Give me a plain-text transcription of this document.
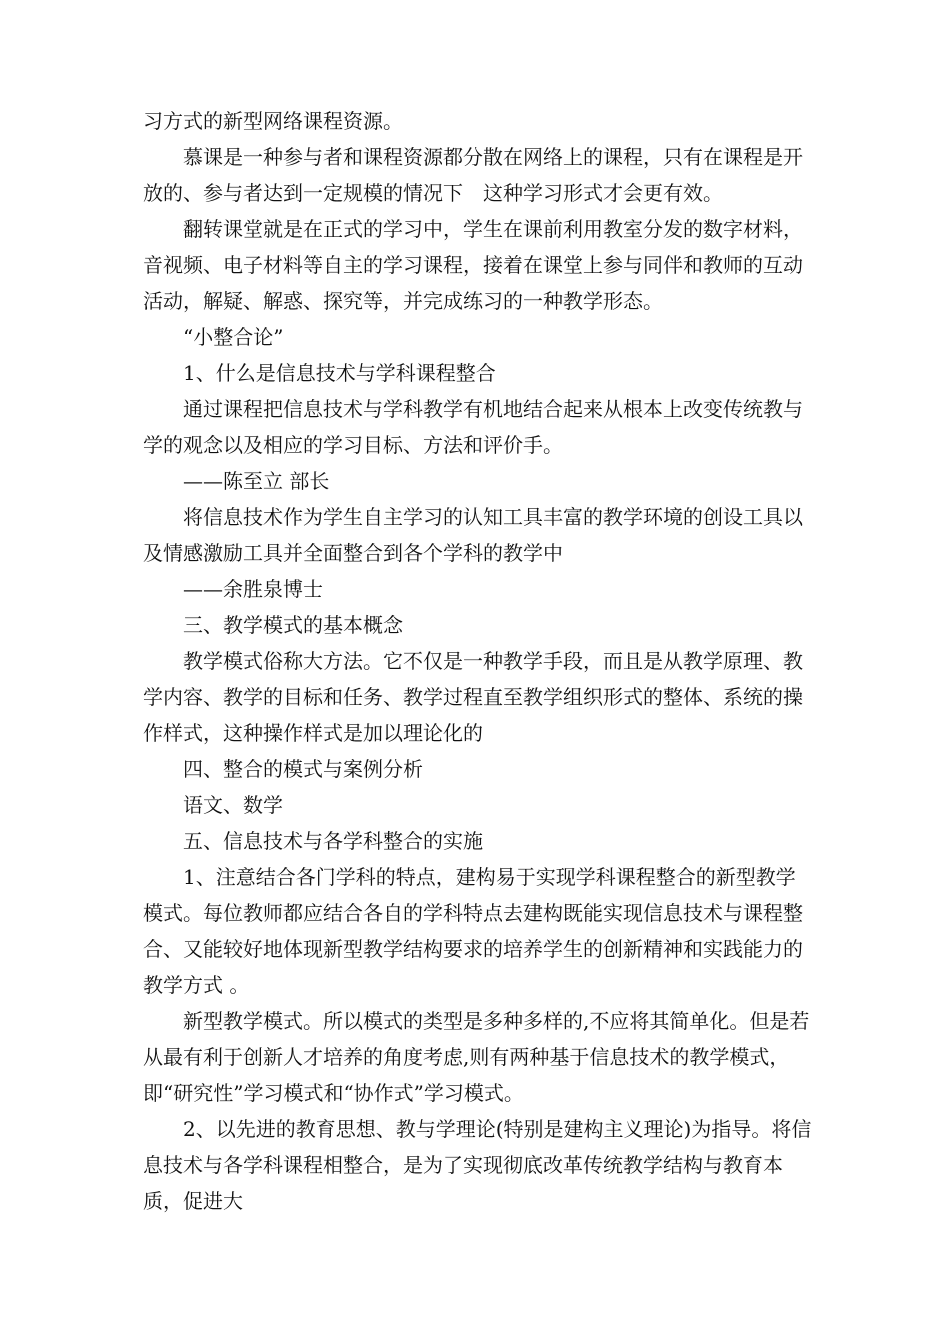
习方式的新型网络课程资源。

慕课是一种参与者和课程资源都分散在网络上的课程，只有在课程是开放的、参与者达到一定规模的情况下　这种学习形式才会更有效。

翻转课堂就是在正式的学习中，学生在课前利用教室分发的数字材料，音视频、电子材料等自主的学习课程，接着在课堂上参与同伴和教师的互动活动，解疑、解惑、探究等，并完成练习的一种教学形态。

“小整合论”

1、什么是信息技术与学科课程整合

通过课程把信息技术与学科教学有机地结合起来从根本上改变传统教与学的观念以及相应的学习目标、方法和评价手。

——陈至立 部长

将信息技术作为学生自主学习的认知工具丰富的教学环境的创设工具以及情感激励工具并全面整合到各个学科的教学中

——余胜泉博士

三、教学模式的基本概念

教学模式俗称大方法。它不仅是一种教学手段，而且是从教学原理、教学内容、教学的目标和任务、教学过程直至教学组织形式的整体、系统的操作样式，这种操作样式是加以理论化的

四、整合的模式与案例分析

语文、数学

五、信息技术与各学科整合的实施

1、注意结合各门学科的特点，建构易于实现学科课程整合的新型教学模式。每位教师都应结合各自的学科特点去建构既能实现信息技术与课程整合、又能较好地体现新型教学结构要求的培养学生的创新精神和实践能力的教学方式 。

新型教学模式。所以模式的类型是多种多样的,不应将其简单化。但是若从最有利于创新人才培养的角度考虑,则有两种基于信息技术的教学模式，即“研究性”学习模式和“协作式”学习模式。

2、以先进的教育思想、教与学理论(特别是建构主义理论)为指导。将信息技术与各学科课程相整合，是为了实现彻底改革传统教学结构与教育本质，促进大
